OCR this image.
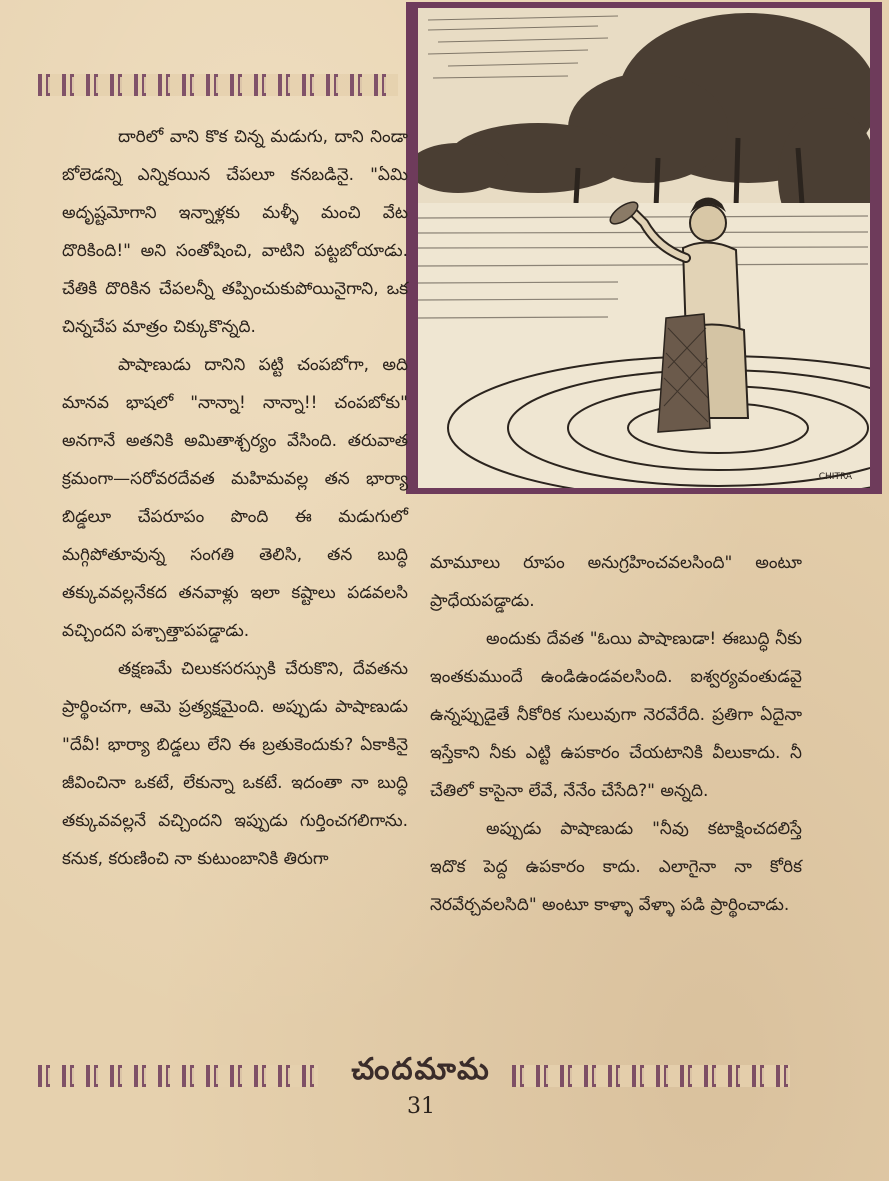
CHITRA

దారిలో వాని కొక చిన్న మడుగు, దాని నిండా బోలెడన్ని ఎన్నికయిన చేపలూ కనబడినై. "ఏమి అదృష్టమోగాని ఇన్నాళ్లకు మళ్ళీ మంచి వేట దొరికింది!" అని సంతోషించి, వాటిని పట్టబోయాడు. చేతికి దొరికిన చేపలన్నీ తప్పించుకుపోయినైగాని, ఒక చిన్నచేప మాత్రం చిక్కుకొన్నది.

పాషాణుడు దానిని పట్టి చంపబోగా, అది మానవ భాషలో "నాన్నా! నాన్నా!! చంపబోకు" అనగానే అతనికి అమితాశ్చర్యం వేసింది. తరువాత క్రమంగా—సరోవరదేవత మహిమవల్ల తన భార్యా బిడ్డలూ చేపరూపం పొంది ఈ మడుగులో మగ్గిపోతూవున్న సంగతి తెలిసి, తన బుద్ధి తక్కువవల్లనేకద తనవాళ్లు ఇలా కష్టాలు పడవలసి వచ్చిందని పశ్చాత్తాపపడ్డాడు.

తక్షణమే చిలుకసరస్సుకి చేరుకొని, దేవతను ప్రార్థించగా, ఆమె ప్రత్యక్షమైంది. అప్పుడు పాషాణుడు "దేవీ! భార్యా బిడ్డలు లేని ఈ బ్రతుకెందుకు? ఏకాకినై జీవించినా ఒకటే, లేకున్నా ఒకటే. ఇదంతా నా బుద్ధి తక్కువవల్లనే వచ్చిందని ఇప్పుడు గుర్తించగలిగాను. కనుక, కరుణించి నా కుటుంబానికి తిరుగా

మామూలు రూపం అనుగ్రహించవలసింది" అంటూ ప్రాధేయపడ్డాడు.

అందుకు దేవత "ఓయి పాషాణుడా! ఈబుద్ధి నీకు ఇంతకుముందే ఉండిఉండవలసింది. ఐశ్వర్యవంతుడవై ఉన్నప్పుడైతే నీకోరిక సులువుగా నెరవేరేది. ప్రతిగా ఏదైనా ఇస్తేకాని నీకు ఎట్టి ఉపకారం చేయటానికి వీలుకాదు. నీ చేతిలో కాసైనా లేవే, నేనేం చేసేది?" అన్నది.

అప్పుడు పాషాణుడు "నీవు కటాక్షించదలిస్తే ఇదొక పెద్ద ఉపకారం కాదు. ఎలాగైనా నా కోరిక నెరవేర్చవలసిది" అంటూ కాళ్ళా వేళ్ళా పడి ప్రార్థించాడు.

చందమామ
31
